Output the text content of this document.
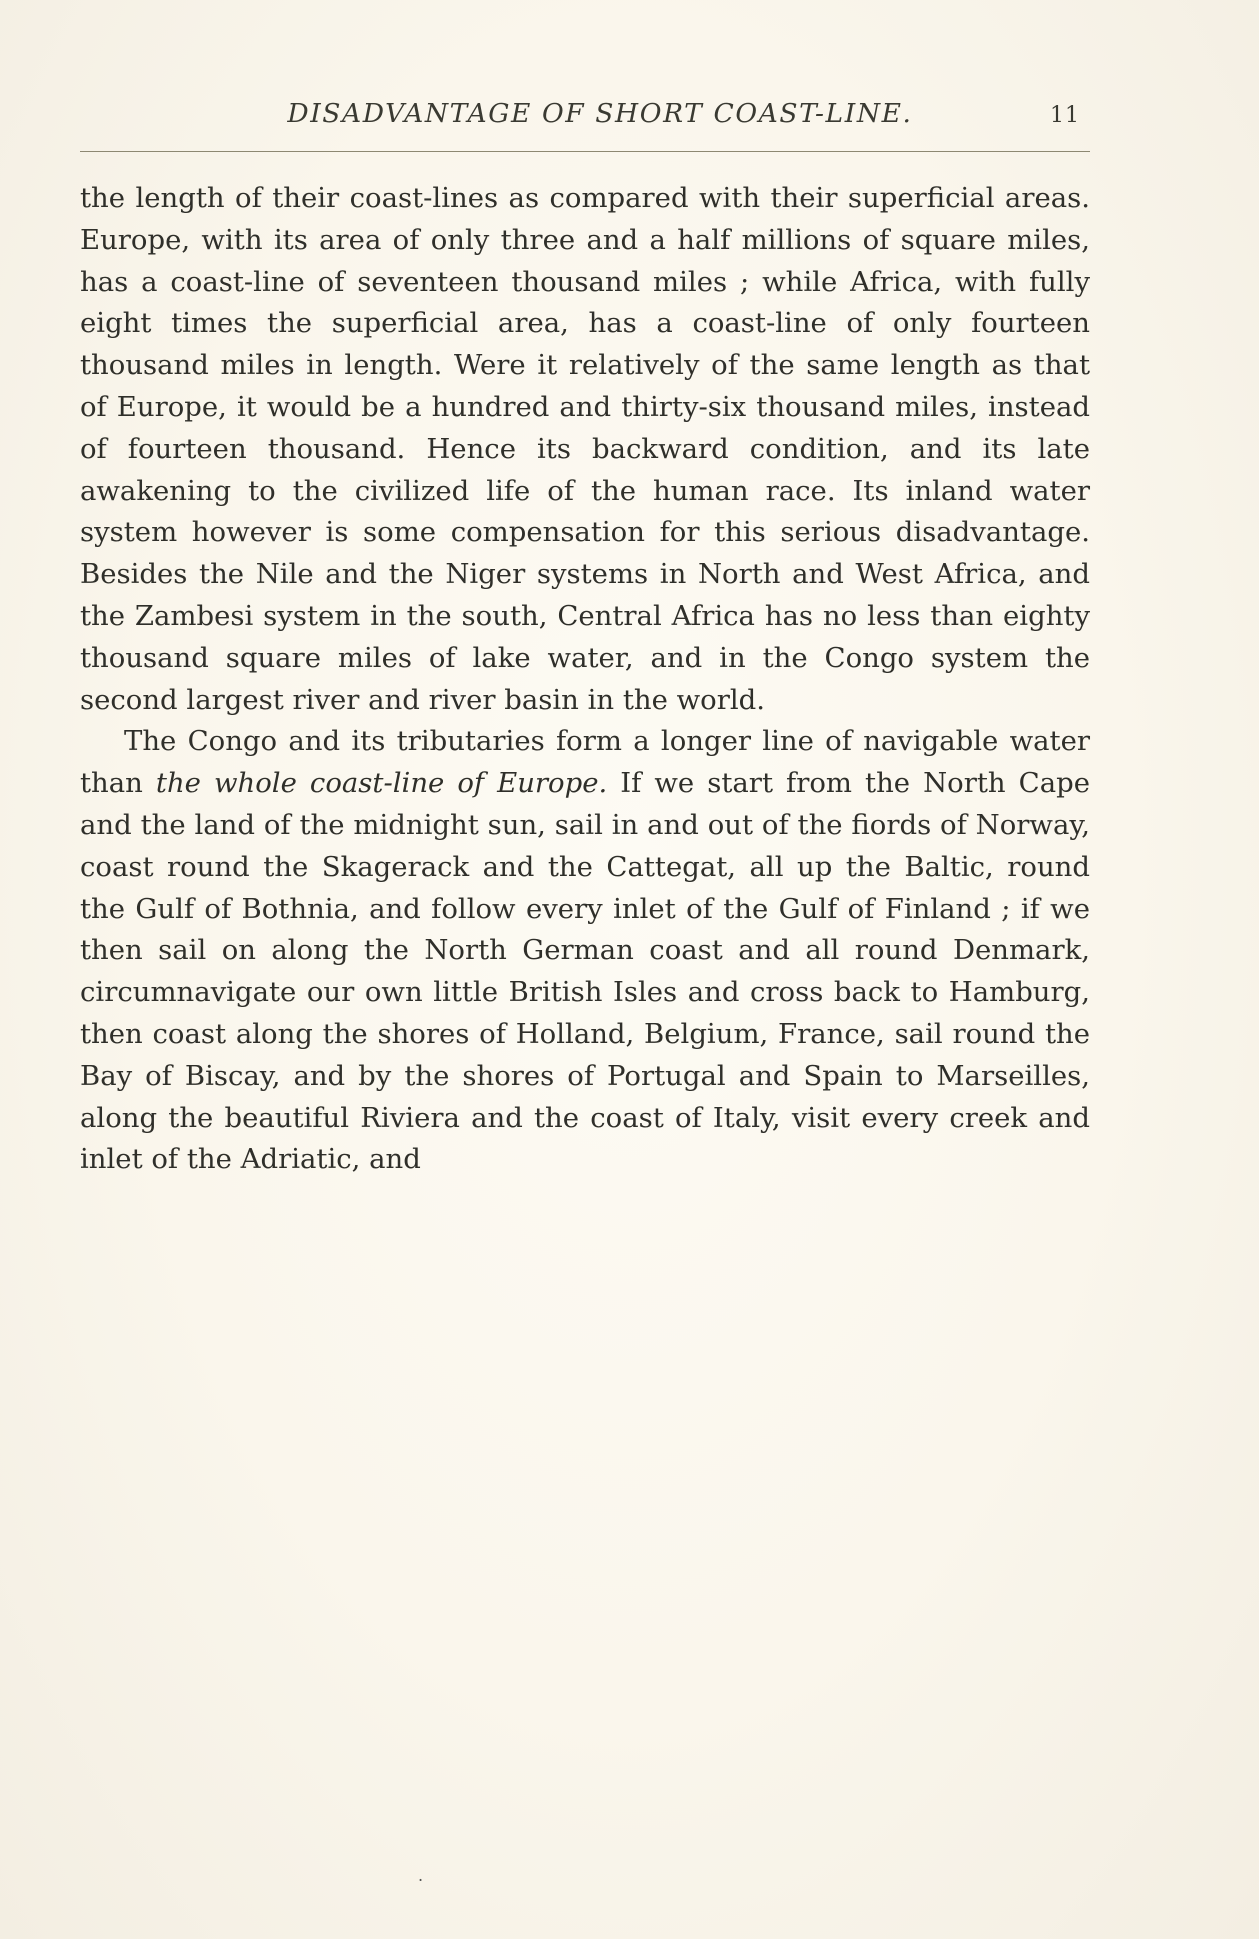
DISADVANTAGE OF SHORT COAST-LINE.	11

the length of their coast-lines as compared with their superficial areas. Europe, with its area of only three and a half millions of square miles, has a coast-line of seventeen thousand miles ; while Africa, with fully eight times the superficial area, has a coast-line of only fourteen thousand miles in length. Were it relatively of the same length as that of Europe, it would be a hundred and thirty-six thousand miles, instead of fourteen thousand. Hence its backward condition, and its late awakening to the civilized life of the human race. Its inland water system however is some compensation for this serious disadvantage. Besides the Nile and the Niger systems in North and West Africa, and the Zambesi system in the south, Central Africa has no less than eighty thousand square miles of lake water, and in the Congo system the second largest river and river basin in the world.

The Congo and its tributaries form a longer line of navigable water than the whole coast-line of Europe. If we start from the North Cape and the land of the midnight sun, sail in and out of the fiords of Norway, coast round the Skagerack and the Cattegat, all up the Baltic, round the Gulf of Bothnia, and follow every inlet of the Gulf of Finland ; if we then sail on along the North German coast and all round Denmark, circumnavigate our own little British Isles and cross back to Hamburg, then coast along the shores of Holland, Belgium, France, sail round the Bay of Biscay, and by the shores of Portugal and Spain to Marseilles, along the beautiful Riviera and the coast of Italy, visit every creek and inlet of the Adriatic, and

.
